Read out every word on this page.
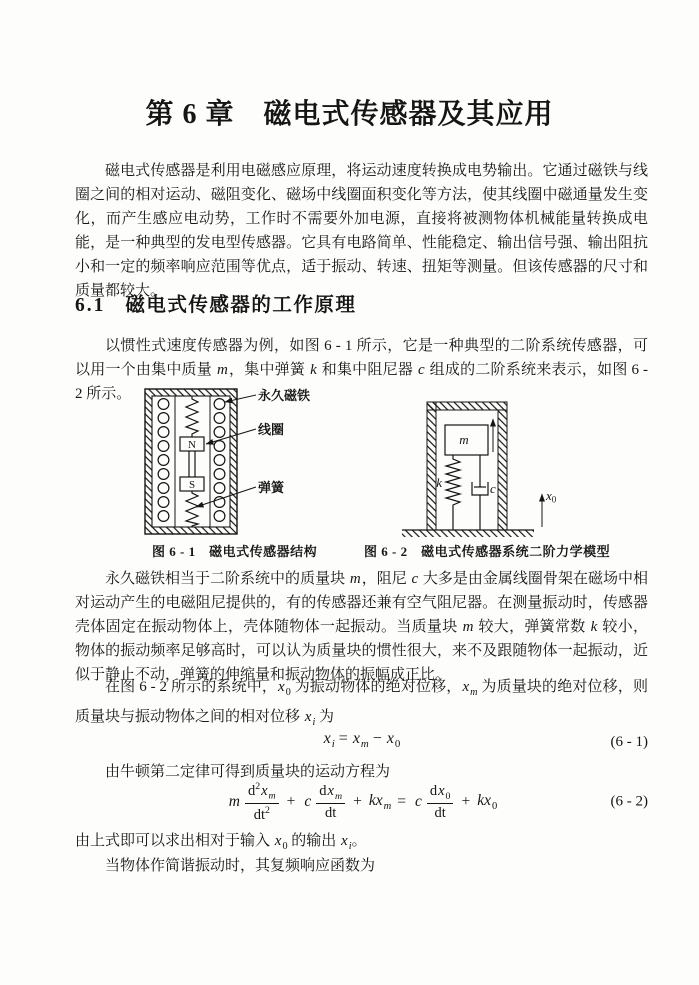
第 6 章　磁电式传感器及其应用
磁电式传感器是利用电磁感应原理，将运动速度转换成电势输出。它通过磁铁与线圈之间的相对运动、磁阻变化、磁场中线圈面积变化等方法，使其线圈中磁通量发生变化，而产生感应电动势，工作时不需要外加电源，直接将被测物体机械能量转换成电能，是一种典型的发电型传感器。它具有电路简单、性能稳定、输出信号强、输出阻抗小和一定的频率响应范围等优点，适于振动、转速、扭矩等测量。但该传感器的尺寸和质量都较大。
6.1 磁电式传感器的工作原理
以惯性式速度传感器为例，如图 6 - 1 所示，它是一种典型的二阶系统传感器，可以用一个由集中质量 m，集中弹簧 k 和集中阻尼器 c 组成的二阶系统来表示，如图 6 - 2 所示。
N
S
永久磁铁
线圈
弹簧
m
k	c	x0
图 6 - 1　磁电式传感器结构	图 6 - 2　磁电式传感器系统二阶力学模型
永久磁铁相当于二阶系统中的质量块 m，阻尼 c 大多是由金属线圈骨架在磁场中相对运动产生的电磁阻尼提供的，有的传感器还兼有空气阻尼器。在测量振动时，传感器壳体固定在振动物体上，壳体随物体一起振动。当质量块 m 较大，弹簧常数 k 较小，物体的振动频率足够高时，可以认为质量块的惯性很大，来不及跟随物体一起振动，近似于静止不动，弹簧的伸缩量和振动物体的振幅成正比。
在图 6 - 2 所示的系统中，$x_0$ 为振动物体的绝对位移，$x_m$ 为质量块的绝对位移，则质量块与振动物体之间的相对位移 $x_i$ 为
$x_i = x_m - x_0$	(6 - 1)
由牛顿第二定律可得到质量块的运动方程为
m $\frac{d^2x_m}{dt^2} + c \frac{dx_m}{dt} + kx_m = c \frac{dx_0}{dt} + kx_0$	(6 - 2)
由上式即可以求出相对于输入 $x_0$ 的输出 $x_i$。
当物体作简谐振动时，其复频响应函数为
